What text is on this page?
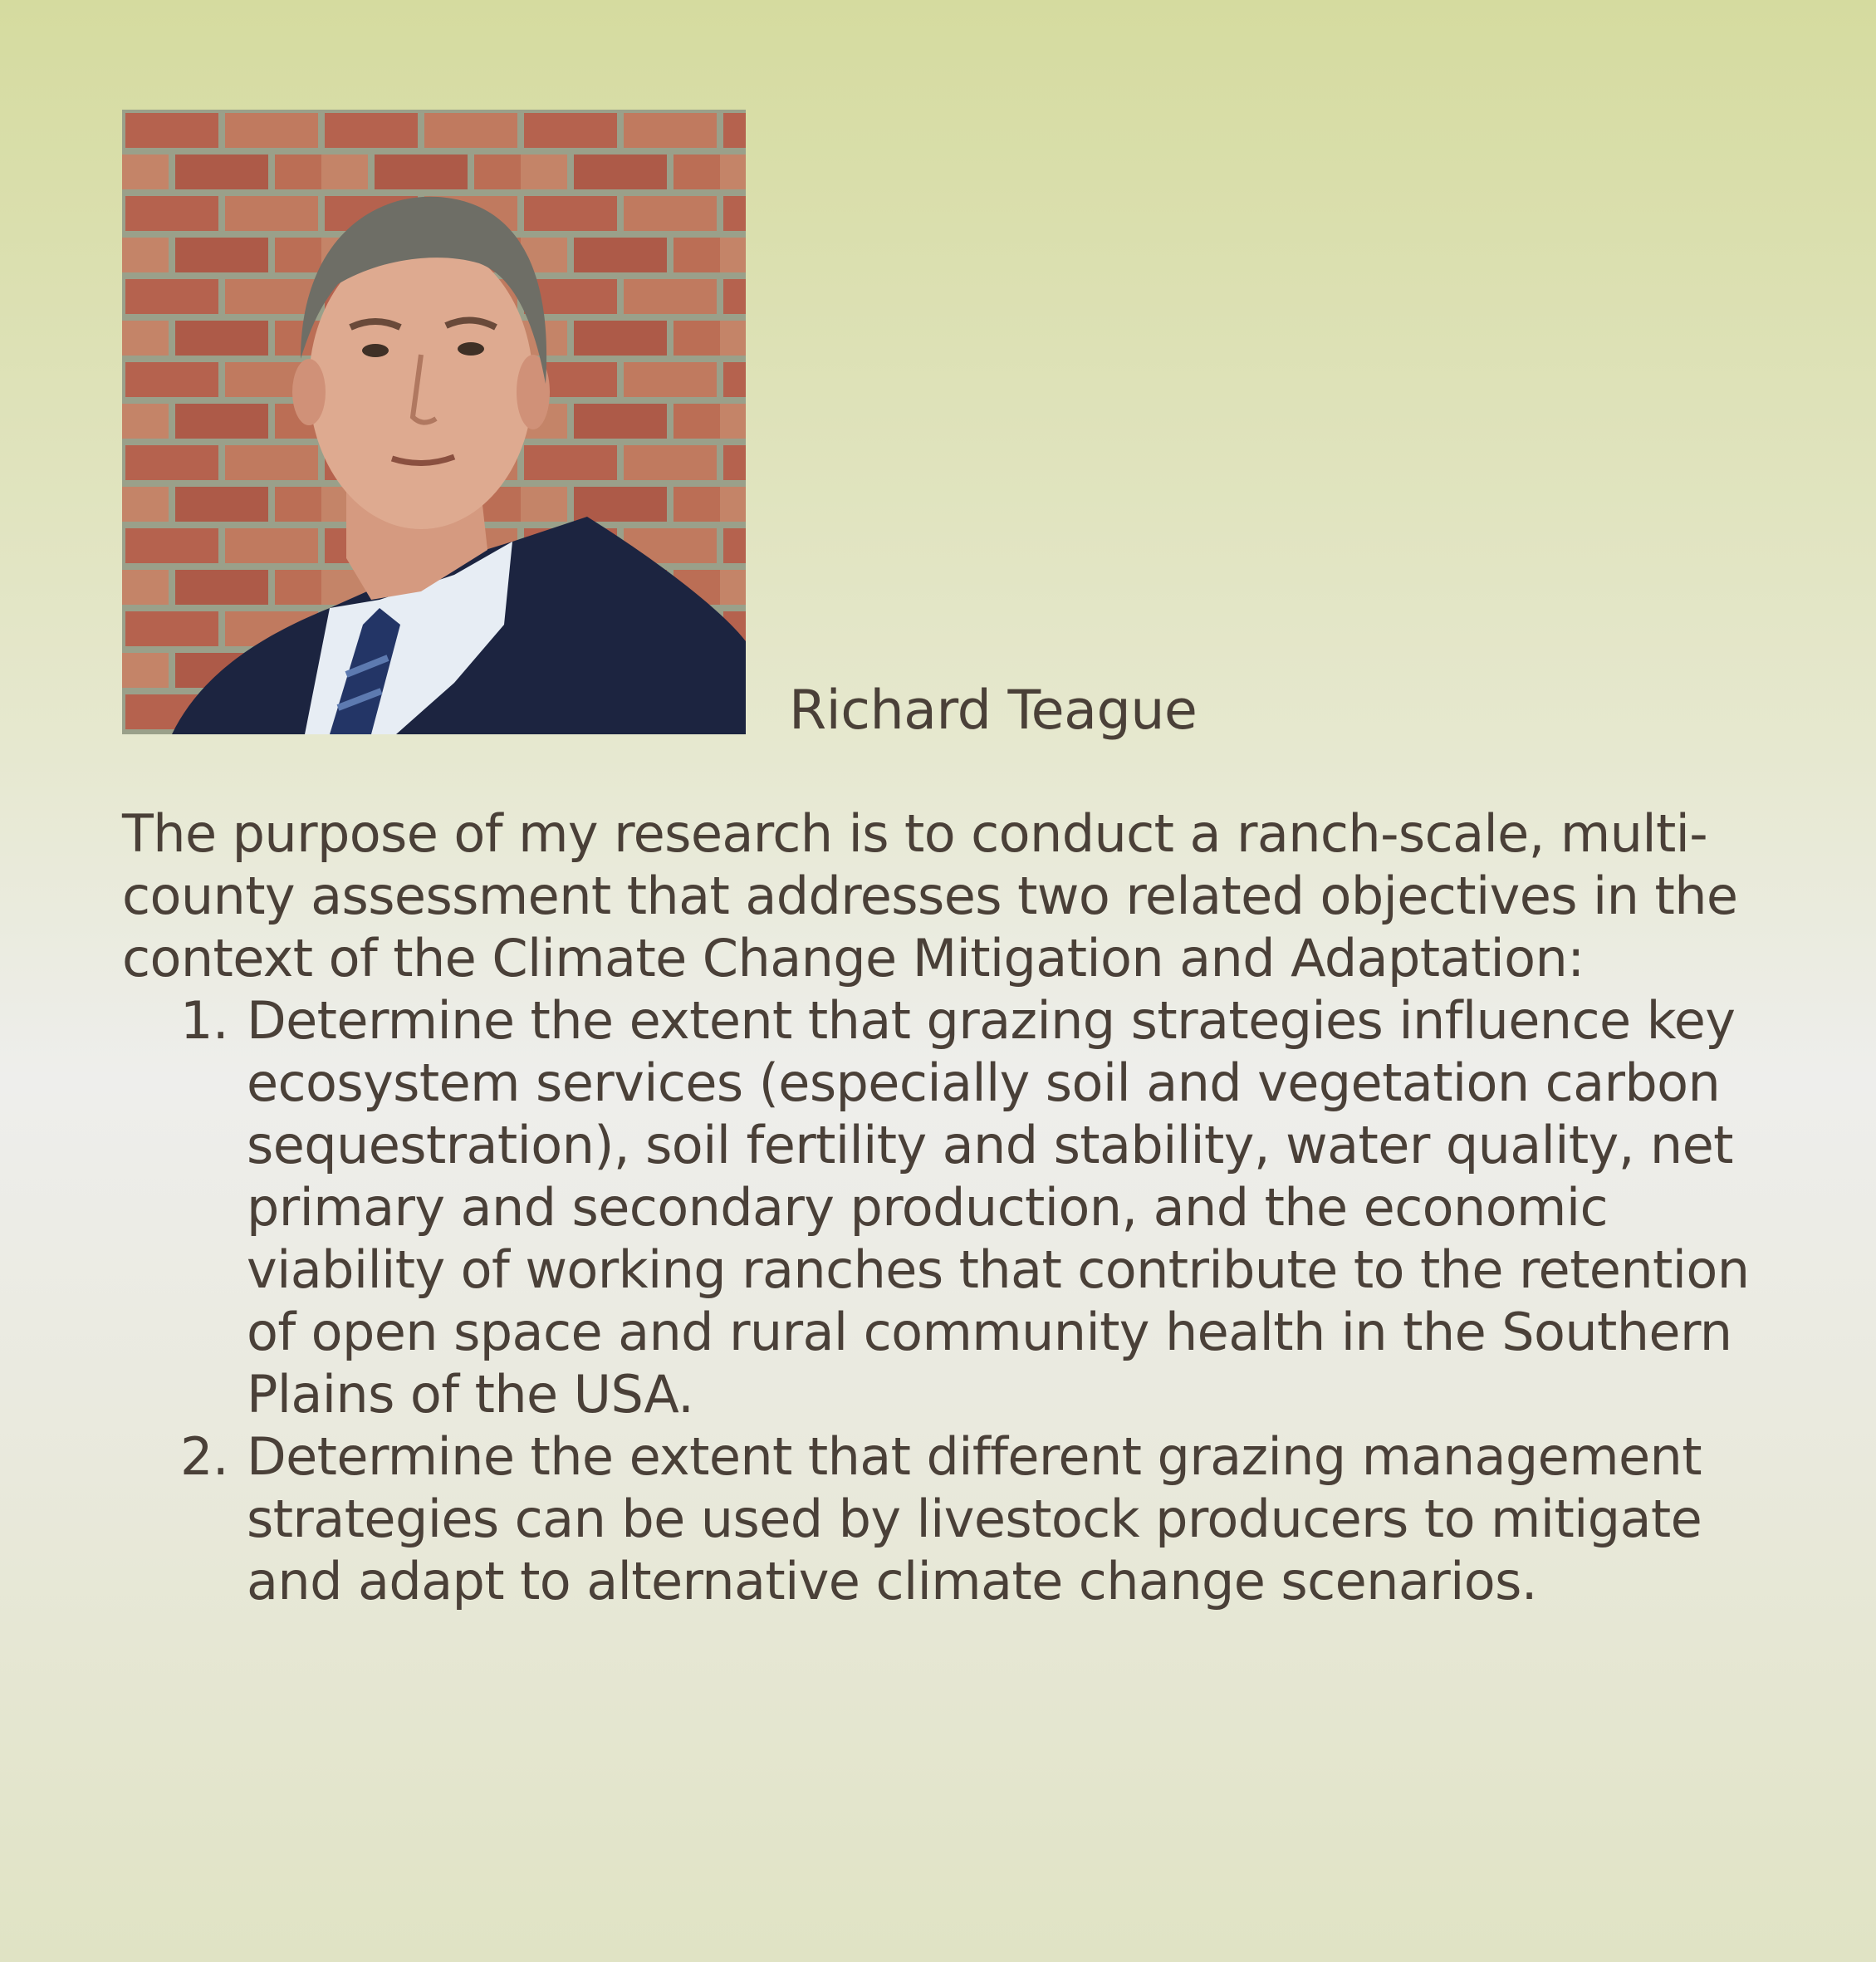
Richard Teague

The purpose of my research is to conduct a ranch-scale, multi-county assessment that addresses two related objectives in the context of the Climate Change Mitigation and Adaptation:

1. Determine the extent that grazing strategies influence key ecosystem services (especially soil and vegetation carbon sequestration), soil fertility and stability, water quality, net primary and secondary production, and the economic viability of working ranches that contribute to the retention of open space and rural community health in the Southern Plains of the USA.
2. Determine the extent that different grazing management strategies can be used by livestock producers to mitigate and adapt to alternative climate change scenarios.
